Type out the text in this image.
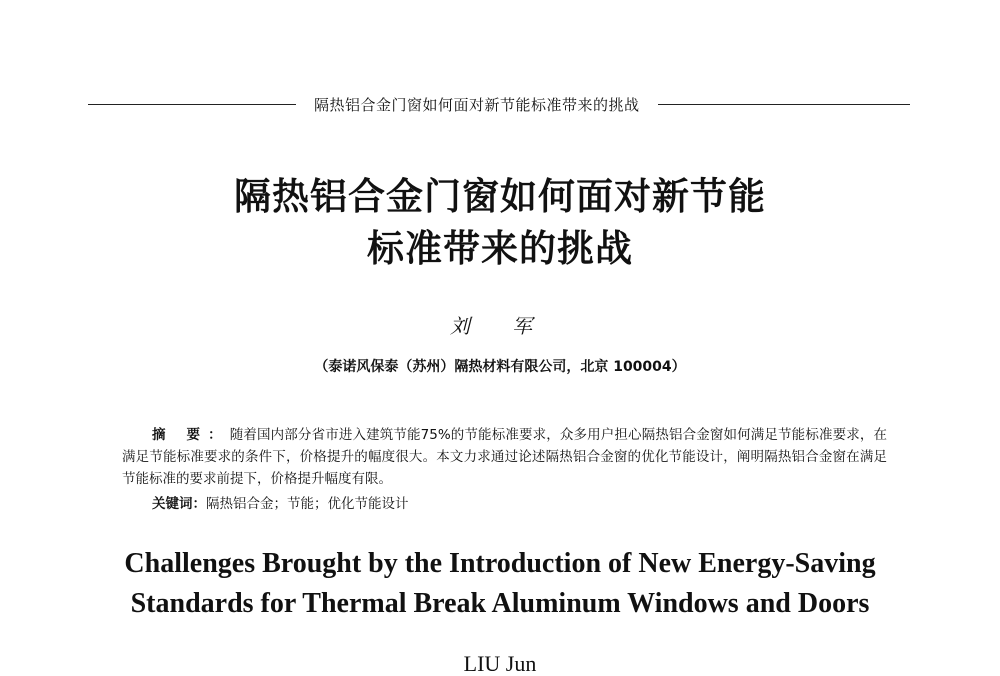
隔热铝合金门窗如何面对新节能标准带来的挑战
隔热铝合金门窗如何面对新节能
标准带来的挑战
刘 军
（泰诺风保泰（苏州）隔热材料有限公司，北京 100004）

摘 要：随着国内部分省市进入建筑节能75%的节能标准要求，众多用户担心隔热铝合金窗如何满足节能标准要求，在满足节能标准要求的条件下，价格提升的幅度很大。本文力求通过论述隔热铝合金窗的优化节能设计，阐明隔热铝合金窗在满足节能标准的要求前提下，价格提升幅度有限。

关键词：隔热铝合金；节能；优化节能设计
Challenges Brought by the Introduction of New Energy-Saving
Standards for Thermal Break Aluminum Windows and Doors
LIU Jun
